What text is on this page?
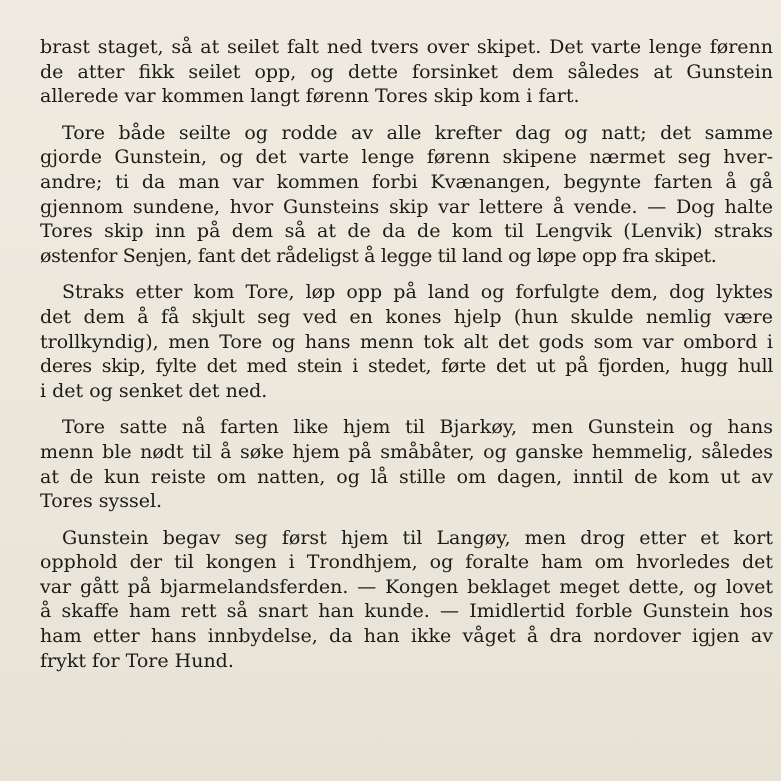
brast staget, så at seilet falt ned tvers over skipet. Det varte lenge førenn
de atter fikk seilet opp, og dette forsinket dem således at Gunstein
allerede var kommen langt førenn Tores skip kom i fart.

Tore både seilte og rodde av alle krefter dag og natt; det samme
gjorde Gunstein, og det varte lenge førenn skipene nærmet seg hver-
andre; ti da man var kommen forbi Kvænangen, begynte farten å gå
gjennom sundene, hvor Gunsteins skip var lettere å vende. — Dog halte
Tores skip inn på dem så at de da de kom til Lengvik (Lenvik) straks
østenfor Senjen, fant det rådeligst å legge til land og løpe opp fra skipet.

Straks etter kom Tore, løp opp på land og forfulgte dem, dog lyktes
det dem å få skjult seg ved en kones hjelp (hun skulde nemlig være
trollkyndig), men Tore og hans menn tok alt det gods som var ombord i
deres skip, fylte det med stein i stedet, førte det ut på fjorden, hugg hull
i det og senket det ned.

Tore satte nå farten like hjem til Bjarkøy, men Gunstein og hans
menn ble nødt til å søke hjem på småbåter, og ganske hemmelig, således
at de kun reiste om natten, og lå stille om dagen, inntil de kom ut av
Tores syssel.

Gunstein begav seg først hjem til Langøy, men drog etter et kort
opphold der til kongen i Trondhjem, og foralte ham om hvorledes det
var gått på bjarmelandsferden. — Kongen beklaget meget dette, og lovet
å skaffe ham rett så snart han kunde. — Imidlertid forble Gunstein hos
ham etter hans innbydelse, da han ikke våget å dra nordover igjen av
frykt for Tore Hund.
